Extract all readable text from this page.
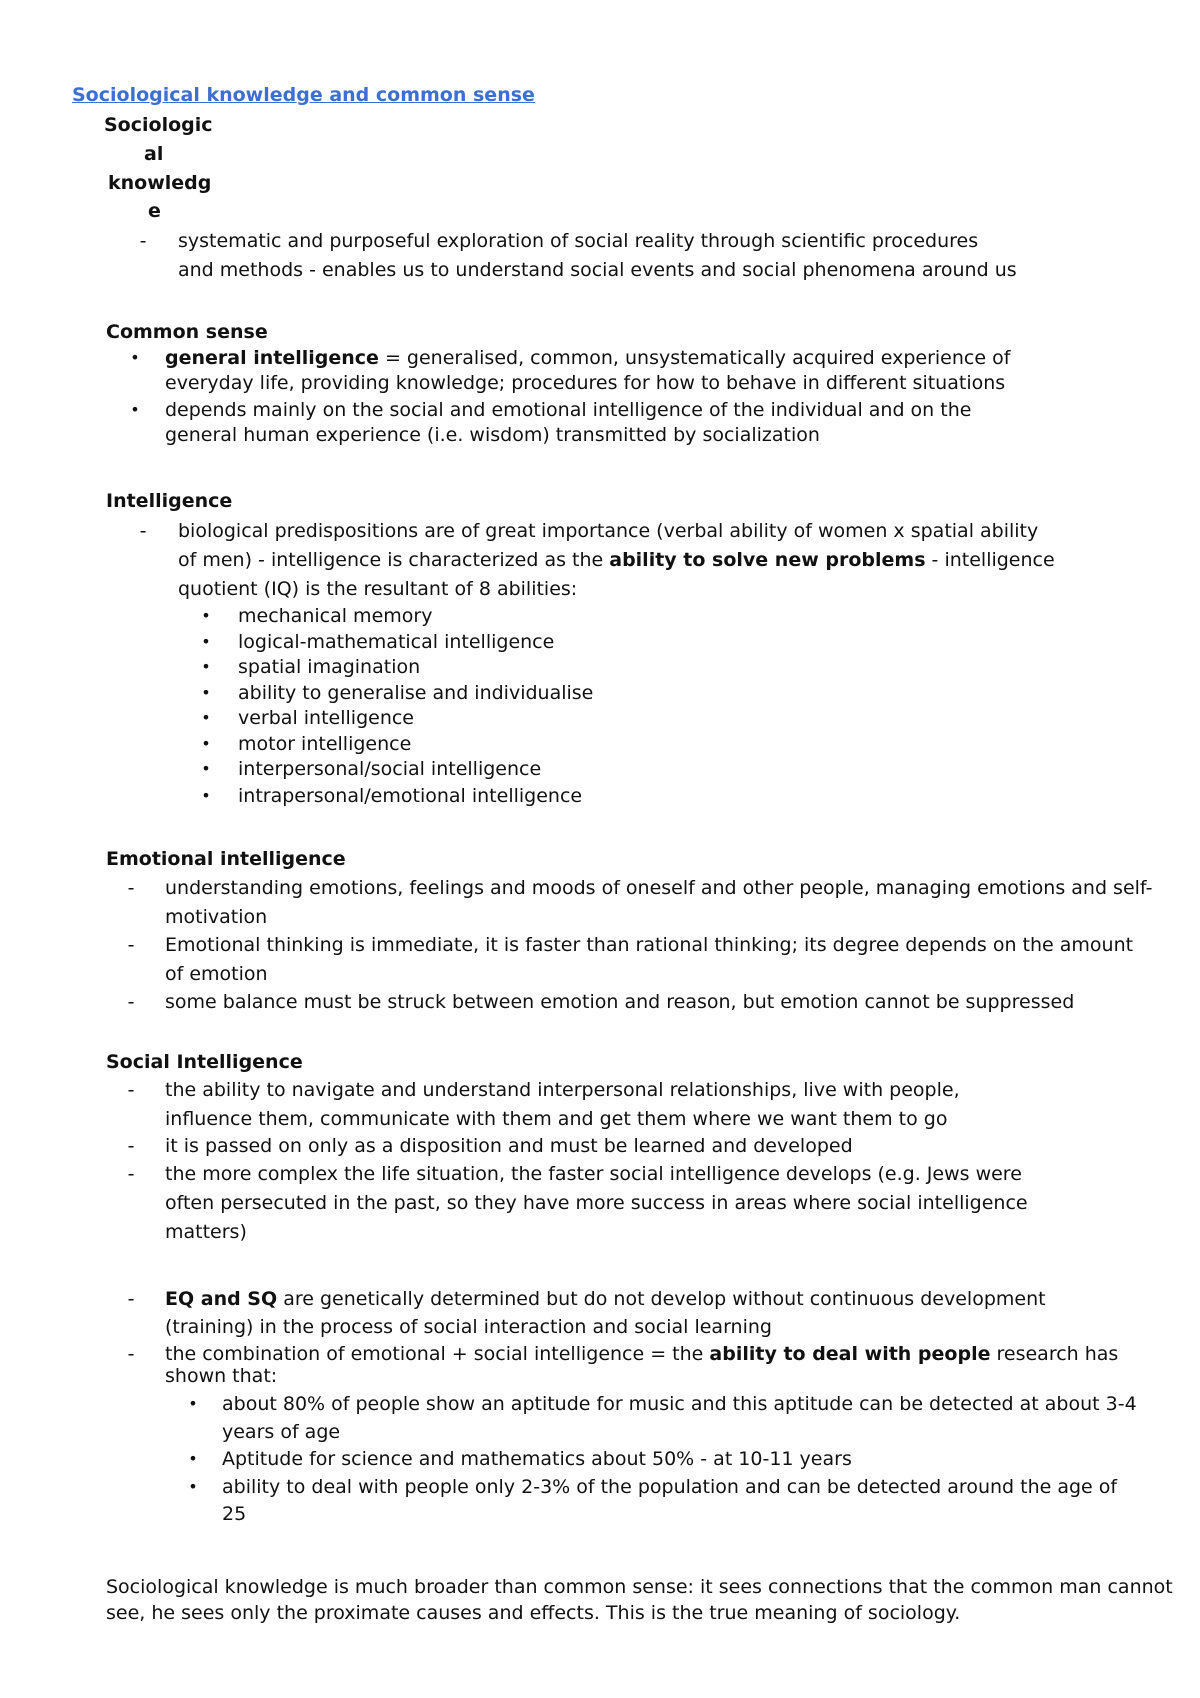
Sociological knowledge and common sense
Sociologic
al
knowledg
e
- systematic and purposeful exploration of social reality through scientific procedures
and methods - enables us to understand social events and social phenomena around us
Common sense
• general intelligence = generalised, common, unsystematically acquired experience of
everyday life, providing knowledge; procedures for how to behave in different situations
• depends mainly on the social and emotional intelligence of the individual and on the
general human experience (i.e. wisdom) transmitted by socialization
Intelligence
- biological predispositions are of great importance (verbal ability of women x spatial ability
of men) - intelligence is characterized as the ability to solve new problems - intelligence
quotient (IQ) is the resultant of 8 abilities:
• mechanical memory
• logical-mathematical intelligence
• spatial imagination
• ability to generalise and individualise
• verbal intelligence
• motor intelligence
• interpersonal/social intelligence
• intrapersonal/emotional intelligence
Emotional intelligence
- understanding emotions, feelings and moods of oneself and other people, managing emotions and self-
motivation
- Emotional thinking is immediate, it is faster than rational thinking; its degree depends on the amount
of emotion
- some balance must be struck between emotion and reason, but emotion cannot be suppressed
Social Intelligence
- the ability to navigate and understand interpersonal relationships, live with people,
influence them, communicate with them and get them where we want them to go
- it is passed on only as a disposition and must be learned and developed
- the more complex the life situation, the faster social intelligence develops (e.g. Jews were
often persecuted in the past, so they have more success in areas where social intelligence
matters)
- EQ and SQ are genetically determined but do not develop without continuous development
(training) in the process of social interaction and social learning
- the combination of emotional + social intelligence = the ability to deal with people research has
shown that:
• about 80% of people show an aptitude for music and this aptitude can be detected at about 3-4
years of age
• Aptitude for science and mathematics about 50% - at 10-11 years
• ability to deal with people only 2-3% of the population and can be detected around the age of
25
Sociological knowledge is much broader than common sense: it sees connections that the common man cannot
see, he sees only the proximate causes and effects. This is the true meaning of sociology.
